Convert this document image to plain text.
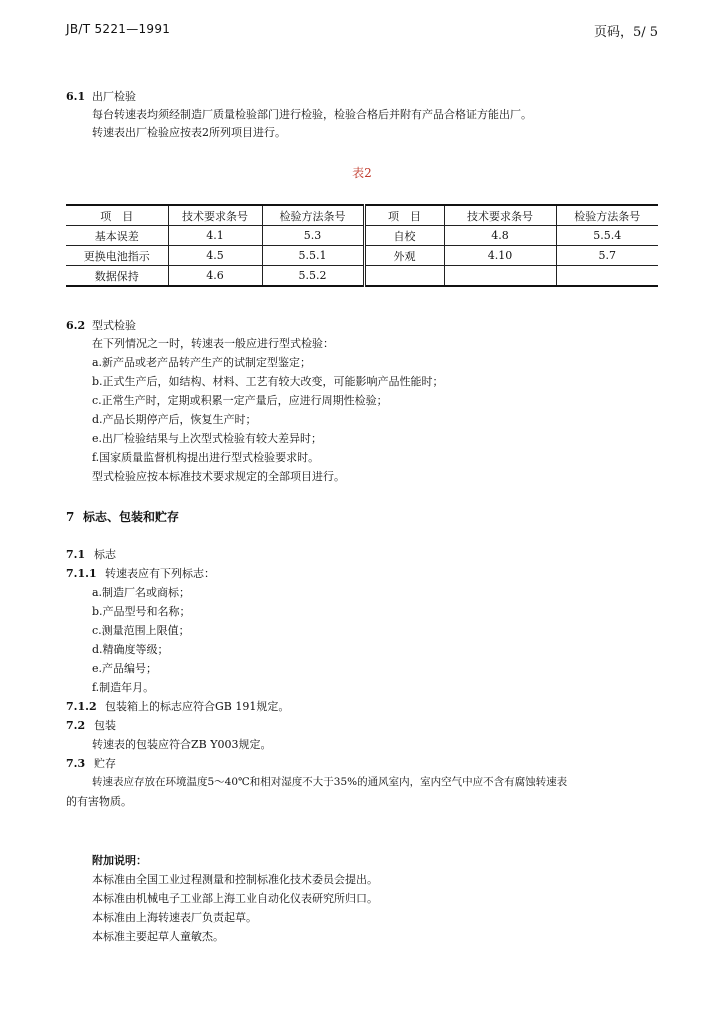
JB/T 5221—1991	页码，5/ 5
6.1 出厂检验
每台转速表均须经制造厂质量检验部门进行检验，检验合格后并附有产品合格证方能出厂。
转速表出厂检验应按表2所列项目进行。
表2
项　目	技术要求条号	检验方法条号	项　目	技术要求条号	检验方法条号
基本误差	4.1	5.3	自校	4.8	5.5.4
更换电池指示	4.5	5.5.1	外观	4.10	5.7
数据保持	4.6	5.5.2			
6.2 型式检验
在下列情况之一时，转速表一般应进行型式检验：
a.新产品或老产品转产生产的试制定型鉴定；
b.正式生产后，如结构、材料、工艺有较大改变，可能影响产品性能时；
c.正常生产时，定期或积累一定产量后，应进行周期性检验；
d.产品长期停产后，恢复生产时；
e.出厂检验结果与上次型式检验有较大差异时；
f.国家质量监督机构提出进行型式检验要求时。
型式检验应按本标准技术要求规定的全部项目进行。
7 标志、包装和贮存
7.1 标志
7.1.1 转速表应有下列标志：
a.制造厂名或商标；
b.产品型号和名称；
c.测量范围上限值；
d.精确度等级；
e.产品编号；
f.制造年月。
7.1.2 包装箱上的标志应符合GB 191规定。
7.2 包装
转速表的包装应符合ZB Y003规定。
7.3 贮存
转速表应存放在环境温度5～40℃和相对湿度不大于35%的通风室内，室内空气中应不含有腐蚀转速表
的有害物质。
附加说明：
本标准由全国工业过程测量和控制标准化技术委员会提出。
本标准由机械电子工业部上海工业自动化仪表研究所归口。
本标准由上海转速表厂负责起草。
本标准主要起草人童敏杰。
